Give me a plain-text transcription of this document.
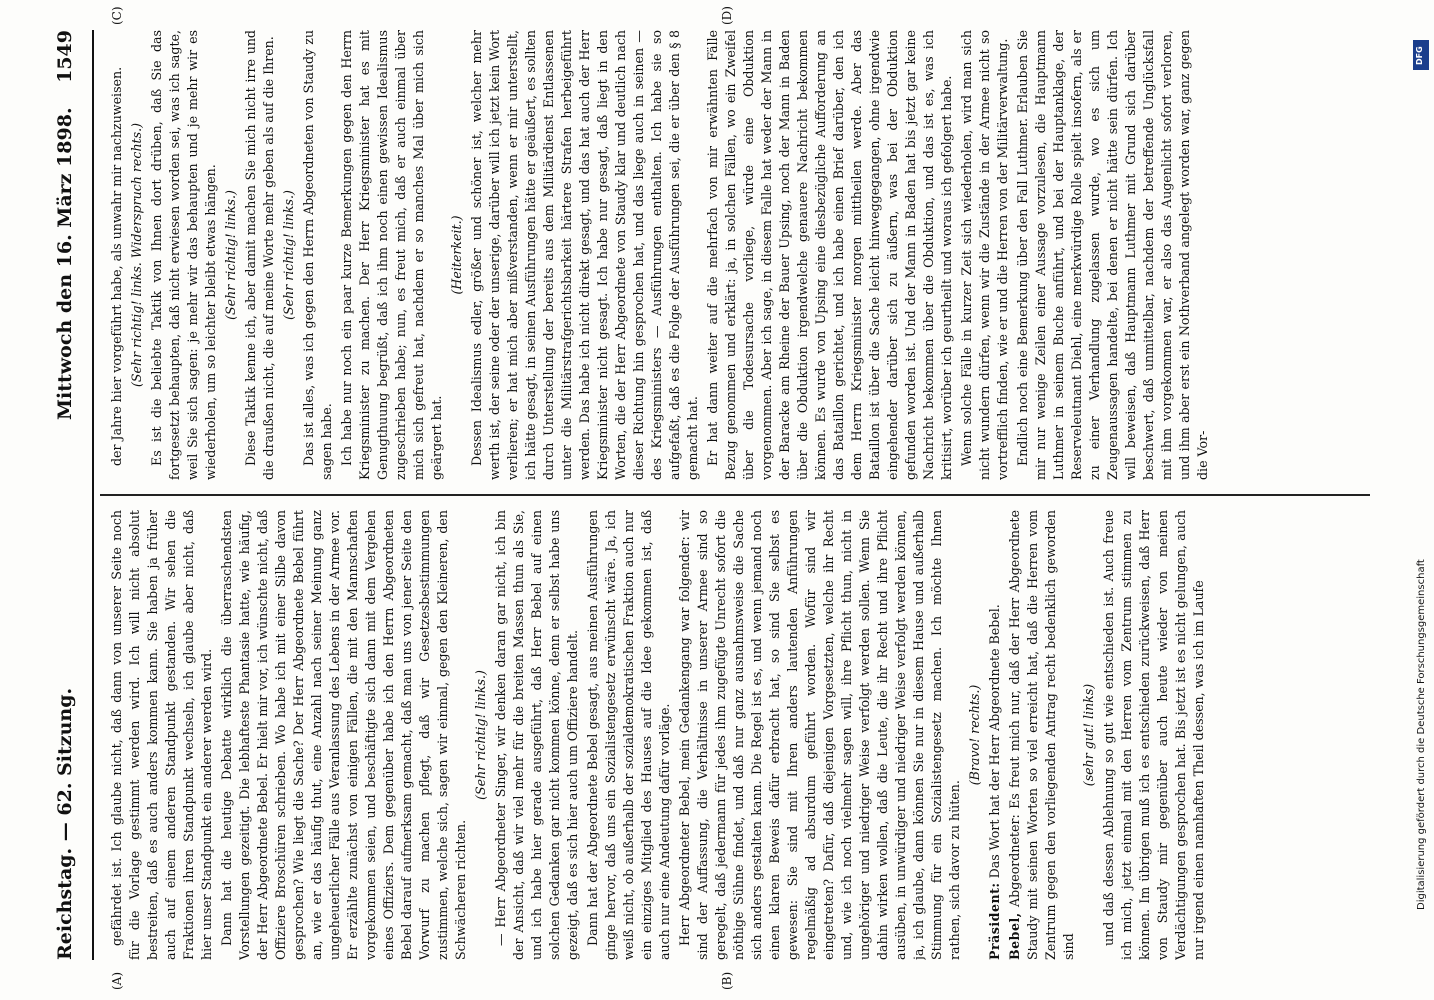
Reichstag. — 62. Sitzung.
Mittwoch den 16. März 1898.
1549
(A)	(B)
(C)	(D)

gefährdet ist. Ich glaube nicht, daß dann von unserer Seite noch für die Vorlage gestimmt werden wird. Ich will nicht absolut bestreiten, daß es auch anders kommen kann. Sie haben ja früher auch auf einem anderen Standpunkt gestanden. Wir sehen die Fraktionen ihren Standpunkt wechseln, ich glaube aber nicht, daß hier unser Standpunkt ein anderer werden wird. Dann hat die heutige Debatte wirklich die überraschendsten Vorstellungen gezeitigt. Die lebhafteste Phantasie hatte, wie häufig, der Herr Abgeordnete Bebel. Er hielt mir vor, ich wünschte nicht, daß Offiziere Broschüren schrieben. Wo habe ich mit einer Silbe davon gesprochen? Wie liegt die Sache? Der Herr Abgeordnete Bebel führt an, wie er das häufig thut, eine Anzahl nach seiner Meinung ganz ungeheuerlicher Fälle aus Veranlassung des Lebens in der Armee vor. Er erzählte zunächst von einigen Fällen, die mit den Mannschaften vorgekommen seien, und beschäftigte sich dann mit dem Vergehen eines Offiziers. Dem gegenüber habe ich den Herrn Abgeordneten Bebel darauf aufmerksam gemacht, daß man uns von jener Seite den Vorwurf zu machen pflegt, daß wir Gesetzesbestimmungen zustimmen, welche sich, sagen wir einmal, gegen den Kleineren, den Schwächeren richten.

(Sehr richtig! links.) — Herr Abgeordneter Singer, wir denken daran gar nicht, ich bin der Ansicht, daß wir viel mehr für die breiten Massen thun als Sie, und ich habe hier gerade ausgeführt, daß Herr Bebel auf einen solchen Gedanken gar nicht kommen könne, denn er selbst habe uns gezeigt, daß es sich hier auch um Offiziere handelt. Dann hat der Abgeordnete Bebel gesagt, aus meinen Ausführungen ginge hervor, daß uns ein Sozialistengesetz erwünscht wäre. Ja, ich weiß nicht, ob außerhalb der sozialdemokratischen Fraktion auch nur ein einziges Mitglied des Hauses auf die Idee gekommen ist, daß auch nur eine Andeutung dafür vorläge. Herr Abgeordneter Bebel, mein Gedankengang war folgender: wir sind der Auffassung, die Verhältnisse in unserer Armee sind so geregelt, daß jedermann für jedes ihm zugefügte Unrecht sofort die nöthige Sühne findet, und daß nur ganz ausnahmsweise die Sache sich anders gestalten kann. Die Regel ist es, und wenn jemand noch einen klaren Beweis dafür erbracht hat, so sind Sie selbst es gewesen: Sie sind mit Ihren anders lautenden Anführungen regelmäßig ad absurdum geführt worden. Wofür sind wir eingetreten? Dafür, daß diejenigen Vorgesetzten, welche ihr Recht und, wie ich noch vielmehr sagen will, ihre Pflicht thun, nicht in ungehöriger und niedriger Weise verfolgt werden sollen. Wenn Sie dahin wirken wollen, daß die Leute, die ihr Recht und ihre Pflicht ausüben, in unwürdiger und niedriger Weise verfolgt werden können, ja, ich glaube, dann können Sie nur in diesem Hause und außerhalb Stimmung für ein Sozialistengesetz machen. Ich möchte Ihnen rathen, sich davor zu hüten.

(Bravo! rechts.)

Präsident: Das Wort hat der Herr Abgeordnete Bebel.

Bebel, Abgeordneter: Es freut mich nur, daß der Herr Abgeordnete Staudy mit seinen Worten so viel erreicht hat, daß die Herren vom Zentrum gegen den vorliegenden Antrag recht bedenklich geworden sind

(sehr gut! links) und daß dessen Ablehnung so gut wie entschieden ist. Auch freue ich mich, jetzt einmal mit den Herren vom Zentrum stimmen zu können. Im übrigen muß ich es entschieden zurückweisen, daß Herr von Staudy mir gegenüber auch heute wieder von meinen Verdächtigungen gesprochen hat. Bis jetzt ist es nicht gelungen, auch nur irgend einen namhaften Theil dessen, was ich im Laufe

der Jahre hier vorgeführt habe, als unwahr mir nachzuweisen. (Sehr richtig! links. Widerspruch rechts.) Es ist die beliebte Taktik von Ihnen dort drüben, daß Sie das fortgesetzt behaupten, daß nicht erwiesen worden sei, was ich sagte, weil Sie sich sagen: je mehr wir das behaupten und je mehr wir es wiederholen, um so leichter bleibt etwas hängen. (Sehr richtig! links.) Diese Taktik kenne ich, aber damit machen Sie mich nicht irre und die draußen nicht, die auf meine Worte mehr geben als auf die Ihren. (Sehr richtig! links.) Das ist alles, was ich gegen den Herrn Abgeordneten von Staudy zu sagen habe. Ich habe nur noch ein paar kurze Bemerkungen gegen den Herrn Kriegsminister zu machen. Der Herr Kriegsminister hat es mit Genugthuung begrüßt, daß ich ihm noch einen gewissen Idealismus zugeschrieben habe; nun, es freut mich, daß er auch einmal über mich sich gefreut hat, nachdem er so manches Mal über mich sich geärgert hat.

(Heiterkeit.) Dessen Idealismus edler, größer und schöner ist, welcher mehr werth ist, der seine oder der unserige, darüber will ich jetzt kein Wort verlieren; er hat mich aber mißverstanden, wenn er mir unterstellt, ich hätte gesagt, in seinen Ausführungen hätte er geäußert, es sollten durch Unterstellung der bereits aus dem Militärdienst Entlassenen unter die Militärstrafgerichtsbarkeit härtere Strafen herbeigeführt werden. Das habe ich nicht direkt gesagt, und das hat auch der Herr Kriegsminister nicht gesagt. Ich habe nur gesagt, daß liegt in den Worten, die der Herr Abgeordnete von Staudy klar und deutlich nach dieser Richtung hin gesprochen hat, und das liege auch in seinen — des Kriegsministers — Ausführungen enthalten. Ich habe sie so aufgefaßt, daß es die Folge der Ausführungen sei, die er über den § 8 gemacht hat. Er hat dann weiter auf die mehrfach von mir erwähnten Fälle Bezug genommen und erklärt: ja, in solchen Fällen, wo ein Zweifel über die Todesursache vorliege, würde eine Obduktion vorgenommen. Aber ich sage, in diesem Falle hat weder der Mann in der Baracke am Rheine der Bauer Upsing, noch der Mann in Baden über die Obduktion irgendwelche genauere Nachricht bekommen können. Es wurde von Upsing eine diesbezügliche Aufforderung an das Bataillon gerichtet, und ich habe einen Brief darüber, den ich dem Herrn Kriegsminister morgen mittheilen werde. Aber das Bataillon ist über die Sache leicht hinweggegangen, ohne irgendwie eingehender darüber sich zu äußern, was bei der Obduktion gefunden worden ist. Und der Mann in Baden hat bis jetzt gar keine Nachricht bekommen über die Obduktion, und das ist es, was ich kritisirt, worüber ich geurtheilt und woraus ich gefolgert habe. Wenn solche Fälle in kurzer Zeit sich wiederholen, wird man sich nicht wundern dürfen, wenn wir die Zustände in der Armee nicht so vortrefflich finden, wie er und die Herren von der Militärverwaltung. Endlich noch eine Bemerkung über den Fall Luthmer. Erlauben Sie mir nur wenige Zeilen einer Aussage vorzulesen, die Hauptmann Luthmer in seinem Buche anführt, und bei der Hauptanklage, der Reserveleutnant Diehl, eine merkwürdige Rolle spielt insofern, als er zu einer Verhandlung zugelassen wurde, wo es sich um Zeugenaussagen handelte, bei denen er nicht hätte sein dürfen. Ich will beweisen, daß Hauptmann Luthmer mit Grund sich darüber beschwert, daß unmittelbar, nachdem der betreffende Unglücksfall mit ihm vorgekommen war, er also das Augenlicht sofort verloren, und ihm aber erst ein Nothverband angelegt worden war, ganz gegen die Vor-

DFG
Digitalisierung gefördert durch die Deutsche Forschungsgemeinschaft
